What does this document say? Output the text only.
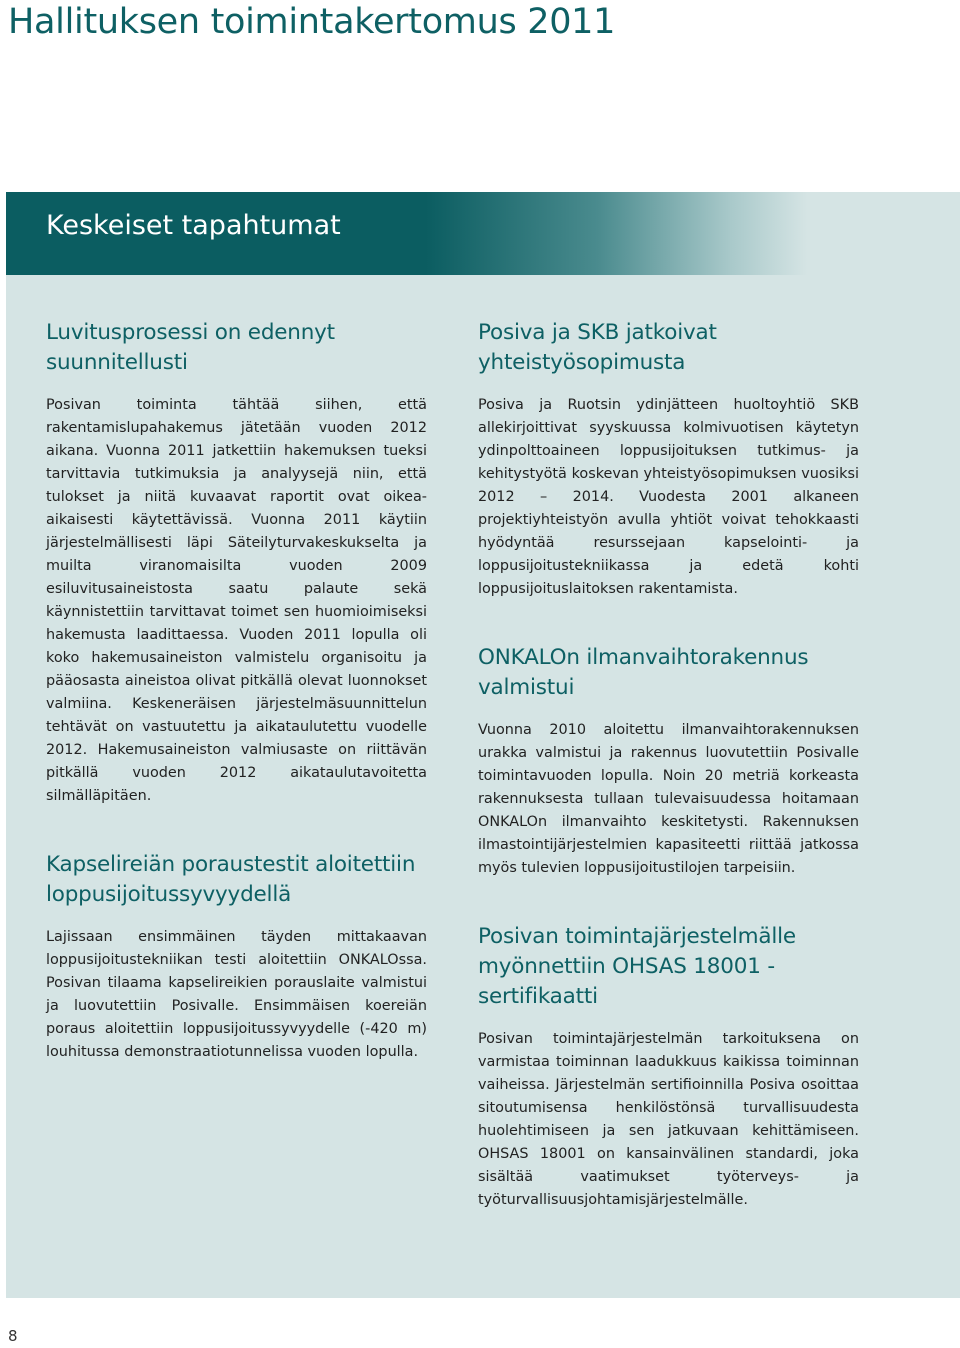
Hallituksen toimintakertomus 2011
Keskeiset tapahtumat
Luvitusprosessi on edennyt suunnitellusti

Posivan toiminta tähtää siihen, että rakentamislupahakemus jätetään vuoden 2012 aikana. Vuonna 2011 jatkettiin hakemuksen tueksi tarvittavia tutkimuksia ja analyysejä niin, että tulokset ja niitä kuvaavat raportit ovat oikea-aikaisesti käytettävissä. Vuonna 2011 käytiin järjestelmällisesti läpi Säteilyturvakeskukselta ja muilta viranomaisilta vuoden 2009 esiluvitusaineistosta saatu palaute sekä käynnistettiin tarvittavat toimet sen huomioimiseksi hakemusta laadittaessa. Vuoden 2011 lopulla oli koko hakemusaineiston valmistelu organisoitu ja pääosasta aineistoa olivat pitkällä olevat luonnokset valmiina. Keskeneräisen järjestelmäsuunnittelun tehtävät on vastuutettu ja aikataulutettu vuodelle 2012. Hakemusaineiston valmiusaste on riittävän pitkällä vuoden 2012 aikataulutavoitetta silmälläpitäen.

Kapselireiän poraustestit aloitettiin loppusijoitussyvyydellä

Lajissaan ensimmäinen täyden mittakaavan loppusijoitustekniikan testi aloitettiin ONKALOssa. Posivan tilaama kapselireikien porauslaite valmistui ja luovutettiin Posivalle. Ensimmäisen koereiän poraus aloitettiin loppusijoitussyvyydelle (-420 m) louhitussa demonstraatiotunnelissa vuoden lopulla.

Posiva ja SKB jatkoivat yhteistyösopimusta

Posiva ja Ruotsin ydinjätteen huoltoyhtiö SKB allekirjoittivat syyskuussa kolmivuotisen käytetyn ydinpolttoaineen loppusijoituksen tutkimus- ja kehitystyötä koskevan yhteistyösopimuksen vuosiksi 2012 – 2014. Vuodesta 2001 alkaneen projektiyhteistyön avulla yhtiöt voivat tehokkaasti hyödyntää resurssejaan kapselointi- ja loppusijoitustekniikassa ja edetä kohti loppusijoituslaitoksen rakentamista.

ONKALOn ilmanvaihtorakennus valmistui

Vuonna 2010 aloitettu ilmanvaihtorakennuksen urakka valmistui ja rakennus luovutettiin Posivalle toimintavuoden lopulla. Noin 20 metriä korkeasta rakennuksesta tullaan tulevaisuudessa hoitamaan ONKALOn ilmanvaihto keskitetysti. Rakennuksen ilmastointijärjestelmien kapasiteetti riittää jatkossa myös tulevien loppusijoitustilojen tarpeisiin.

Posivan toimintajärjestelmälle myönnettiin OHSAS 18001 -sertifikaatti

Posivan toimintajärjestelmän tarkoituksena on varmistaa toiminnan laadukkuus kaikissa toiminnan vaiheissa. Järjestelmän sertifioinnilla Posiva osoittaa sitoutumisensa henkilöstönsä turvallisuudesta huolehtimiseen ja sen jatkuvaan kehittämiseen. OHSAS 18001 on kansainvälinen standardi, joka sisältää vaatimukset työterveys- ja työturvallisuusjohtamisjärjestelmälle.

8
